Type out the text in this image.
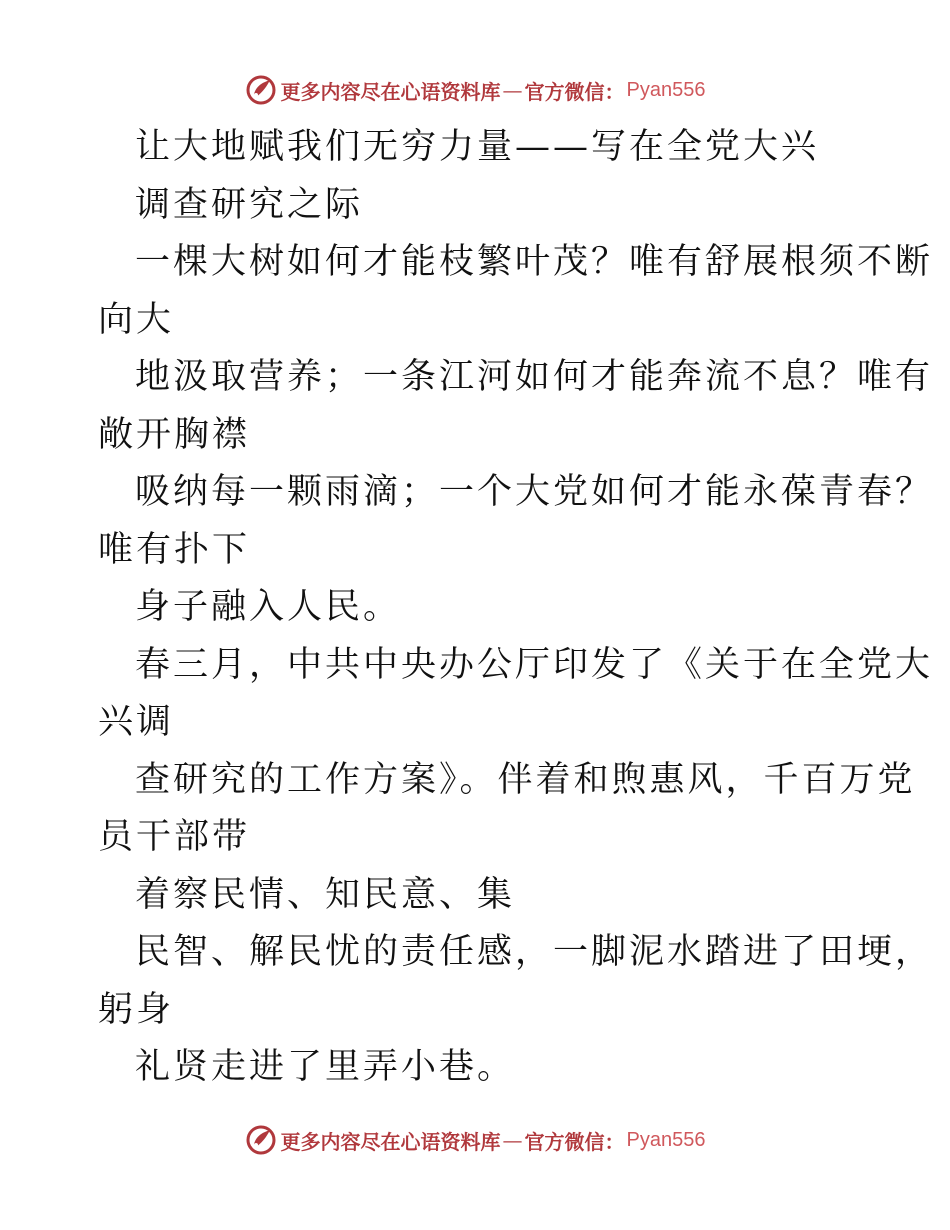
更多内容尽在心语资料库 — 官方微信： Pyan556
让大地赋我们无穷力量——写在全党大兴
调查研究之际
一棵大树如何才能枝繁叶茂？唯有舒展根须不断
向大
地汲取营养；一条江河如何才能奔流不息？唯有
敞开胸襟
吸纳每一颗雨滴；一个大党如何才能永葆青春？
唯有扑下
身子融入人民。
春三月，中共中央办公厅印发了《关于在全党大
兴调
查研究的工作方案》。伴着和煦惠风，千百万党
员干部带
着察民情、知民意、集
民智、解民忧的责任感，一脚泥水踏进了田埂，
躬身
礼贤走进了里弄小巷。
更多内容尽在心语资料库 — 官方微信： Pyan556
